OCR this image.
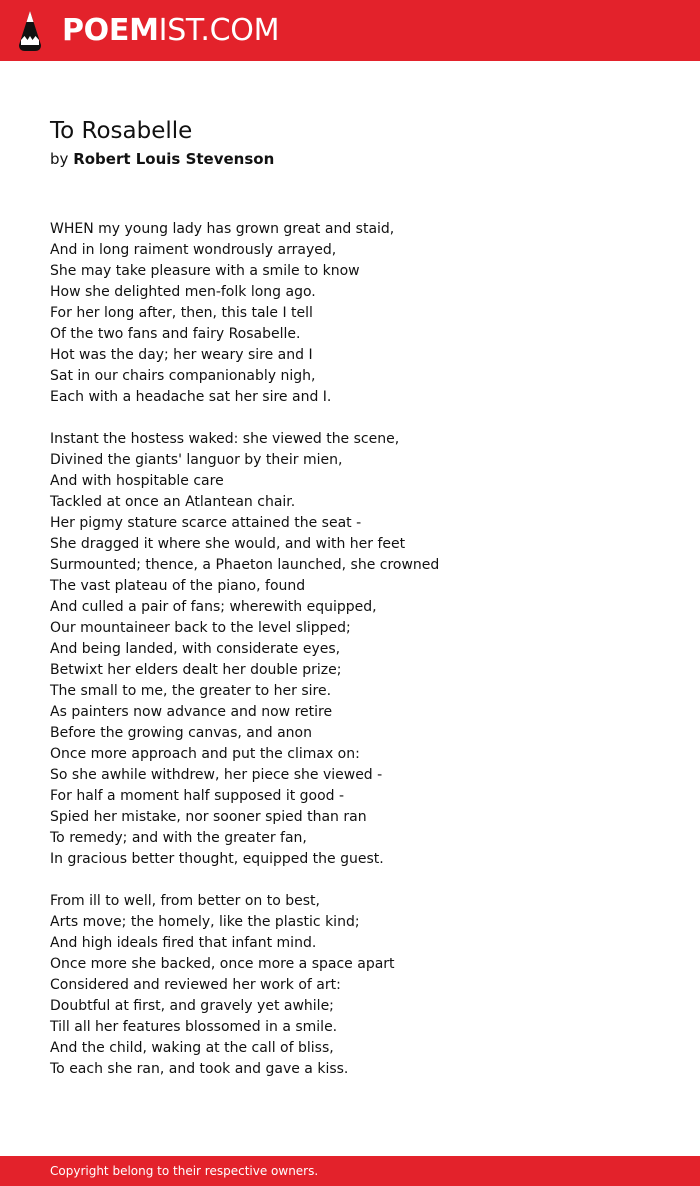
POEMIST.COM
To Rosabelle
by Robert Louis Stevenson
WHEN my young lady has grown great and staid,
And in long raiment wondrously arrayed,
She may take pleasure with a smile to know
How she delighted men-folk long ago.
For her long after, then, this tale I tell
Of the two fans and fairy Rosabelle.
Hot was the day; her weary sire and I
Sat in our chairs companionably nigh,
Each with a headache sat her sire and I.
Instant the hostess waked: she viewed the scene,
Divined the giants' languor by their mien,
And with hospitable care
Tackled at once an Atlantean chair.
Her pigmy stature scarce attained the seat -
She dragged it where she would, and with her feet
Surmounted; thence, a Phaeton launched, she crowned
The vast plateau of the piano, found
And culled a pair of fans; wherewith equipped,
Our mountaineer back to the level slipped;
And being landed, with considerate eyes,
Betwixt her elders dealt her double prize;
The small to me, the greater to her sire.
As painters now advance and now retire
Before the growing canvas, and anon
Once more approach and put the climax on:
So she awhile withdrew, her piece she viewed -
For half a moment half supposed it good -
Spied her mistake, nor sooner spied than ran
To remedy; and with the greater fan,
In gracious better thought, equipped the guest.
From ill to well, from better on to best,
Arts move; the homely, like the plastic kind;
And high ideals fired that infant mind.
Once more she backed, once more a space apart
Considered and reviewed her work of art:
Doubtful at first, and gravely yet awhile;
Till all her features blossomed in a smile.
And the child, waking at the call of bliss,
To each she ran, and took and gave a kiss.
Copyright belong to their respective owners.
